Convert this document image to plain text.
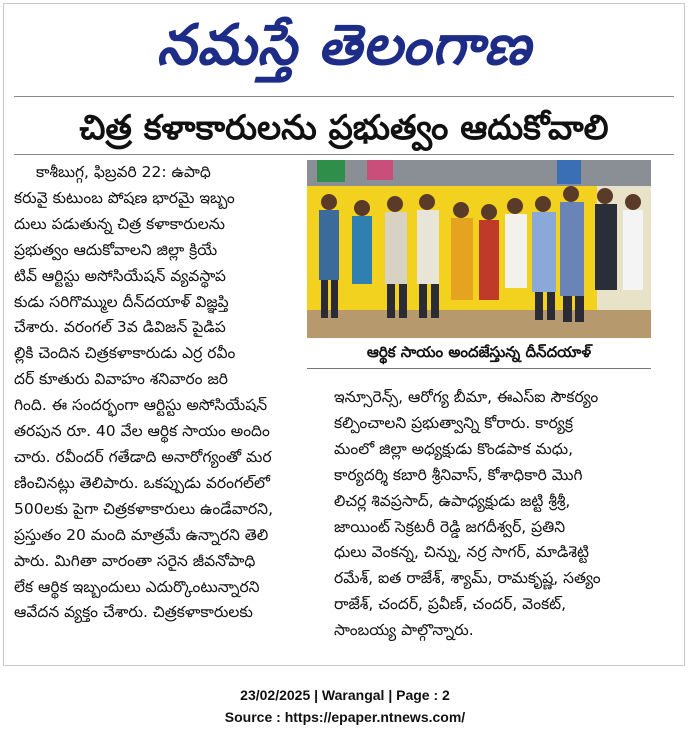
నమస్తే తెలంగాణ
చిత్ర కళాకారులను ప్రభుత్వం ఆదుకోవాలి

కాశీబుగ్గ, ఫిబ్రవరి 22: ఉపాధి

కరువై కుటుంబ పోషణ భారమై ఇబ్బం

దులు పడుతున్న చిత్ర కళాకారులను

ప్రభుత్వం ఆదుకోవాలని జిల్లా క్రియే

టివ్ ఆర్టిస్టు అసోసియేషన్ వ్యవస్థాప

కుడు సరిగొమ్ముల దీన్‌దయాళ్ విజ్ఞప్తి

చేశారు. వరంగల్ 3వ డివిజన్ పైడిప

ల్లికి చెందిన చిత్రకళాకారుడు ఎర్ర రవీం

దర్ కూతురు వివాహం శనివారం జరి

గింది. ఈ సందర్భంగా ఆర్టిస్టు అసోసియేషన్

తరపున రూ. 40 వేల ఆర్థిక సాయం అందిం

చారు. రవీందర్ గతేడాది అనారోగ్యంతో మర

ణించినట్లు తెలిపారు. ఒకప్పుడు వరంగల్‌లో

500లకు పైగా చిత్రకళాకారులు ఉండేవారని,

ప్రస్తుతం 20 మంది మాత్రమే ఉన్నారని తెలి

పారు. మిగితా వారంతా సరైన జీవనోపాధి

లేక ఆర్థిక ఇబ్బందులు ఎదుర్కొంటున్నారని

ఆవేదన వ్యక్తం చేశారు. చిత్రకళాకారులకు

ఆర్థిక సాయం అందజేస్తున్న దీన్‌దయాళ్

ఇన్సూరెన్స్, ఆరోగ్య బీమా, ఈఎస్ఐ సౌకర్యం

కల్పించాలని ప్రభుత్వాన్ని కోరారు. కార్యక్ర

మంలో జిల్లా అధ్యక్షుడు కొండపాక మధు,

కార్యదర్శి కబారి శ్రీనివాస్, కోశాధికారి మొగి

లిచర్ల శివప్రసాద్, ఉపాధ్యక్షుడు జట్టి శ్రీశ్రీ,

జాయింట్ సెక్రటరీ రెడ్డి జగదీశ్వర్, ప్రతిని

ధులు వెంకన్న, చిన్ను, నర్ర సాగర్, మాడిశెట్టి

రమేశ్, ఐత రాజేశ్, శ్యామ్, రామకృష్ణ, సత్యం

రాజేశ్, చందర్, ప్రవీణ్, చందర్, వెంకట్,

సాంబయ్య పాల్గొన్నారు.

23/02/2025 | Warangal | Page : 2
Source : https://epaper.ntnews.com/
